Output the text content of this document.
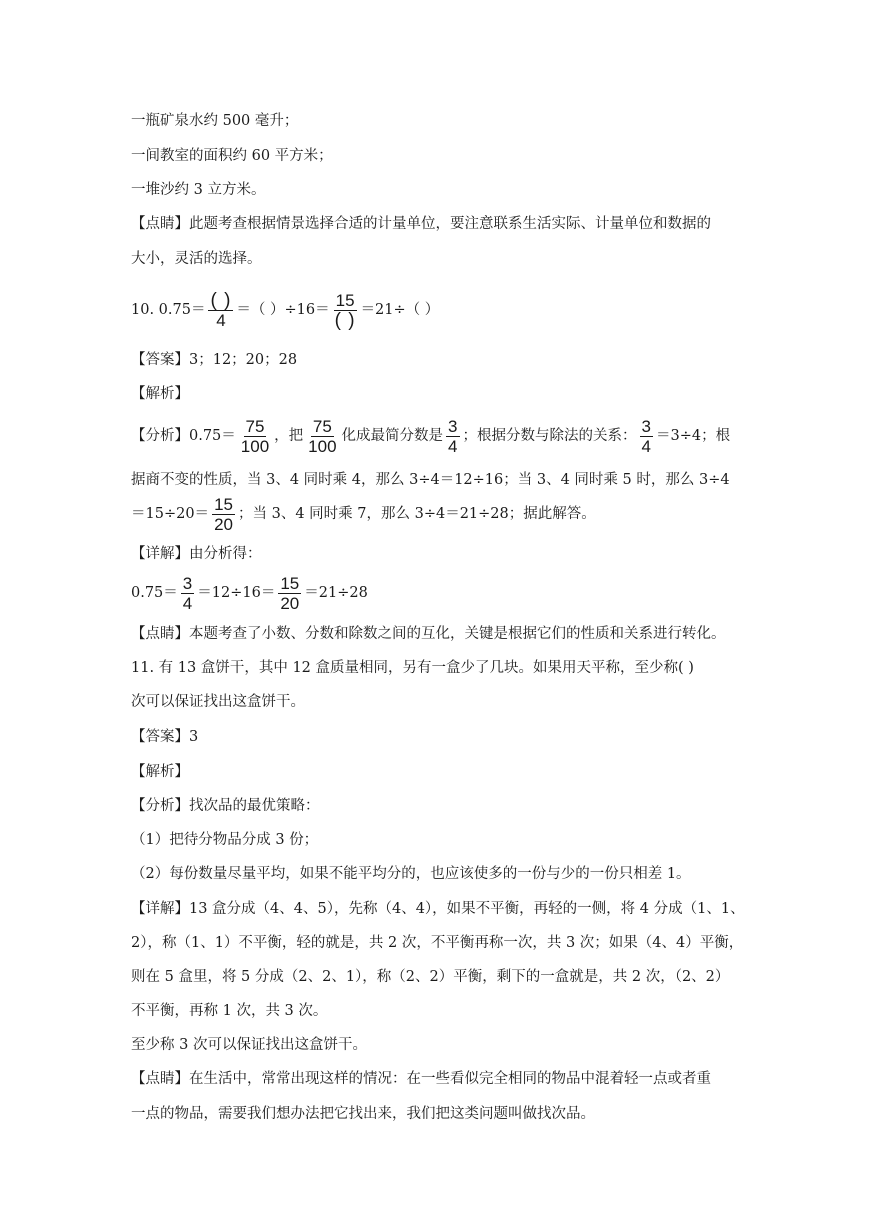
一瓶矿泉水约 500 毫升；
一间教室的面积约 60 平方米；
一堆沙约 3 立方米。
【点睛】此题考查根据情景选择合适的计量单位，要注意联系生活实际、计量单位和数据的
大小，灵活的选择。
10. $0.75= \frac{( )}{4}$ ＝（ ）$\div 16= \frac{15}{( )} =21\div$（ ）
【答案】3；12；20；28
【解析】
【分析】$0.75= \frac{75}{100}$ ，把 $\frac{75}{100}$ 化成最简分数是 $\frac{3}{4}$ ；根据分数与除法的关系： $\frac{3}{4} =3\div 4$；根
据商不变的性质，当 3、4 同时乘 4，那么 3÷4＝12÷16；当 3、4 同时乘 5 时，那么 3÷4
$=15\div 20= \frac{15}{20}$ ；当 3、4 同时乘 7，那么 3÷4＝21÷28；据此解答。
【详解】由分析得：
$0.75= \frac{3}{4} =12\div 16= \frac{15}{20} =21\div 28$
【点睛】本题考查了小数、分数和除数之间的互化，关键是根据它们的性质和关系进行转化。
11. 有 13 盒饼干，其中 12 盒质量相同，另有一盒少了几块。如果用天平称，至少称( )
次可以保证找出这盒饼干。
【答案】3
【解析】
【分析】找次品的最优策略：
（1）把待分物品分成 3 份；
（2）每份数量尽量平均，如果不能平均分的，也应该使多的一份与少的一份只相差 1。
【详解】13 盒分成（4、4、5），先称（4、4），如果不平衡，再轻的一侧，将 4 分成（1、1、
2），称（1、1）不平衡，轻的就是，共 2 次，不平衡再称一次，共 3 次；如果（4、4）平衡，
则在 5 盒里，将 5 分成（2、2、1），称（2、2）平衡，剩下的一盒就是，共 2 次，（2、2）
不平衡，再称 1 次，共 3 次。
至少称 3 次可以保证找出这盒饼干。
【点睛】在生活中，常常出现这样的情况：在一些看似完全相同的物品中混着轻一点或者重
一点的物品，需要我们想办法把它找出来，我们把这类问题叫做找次品。
